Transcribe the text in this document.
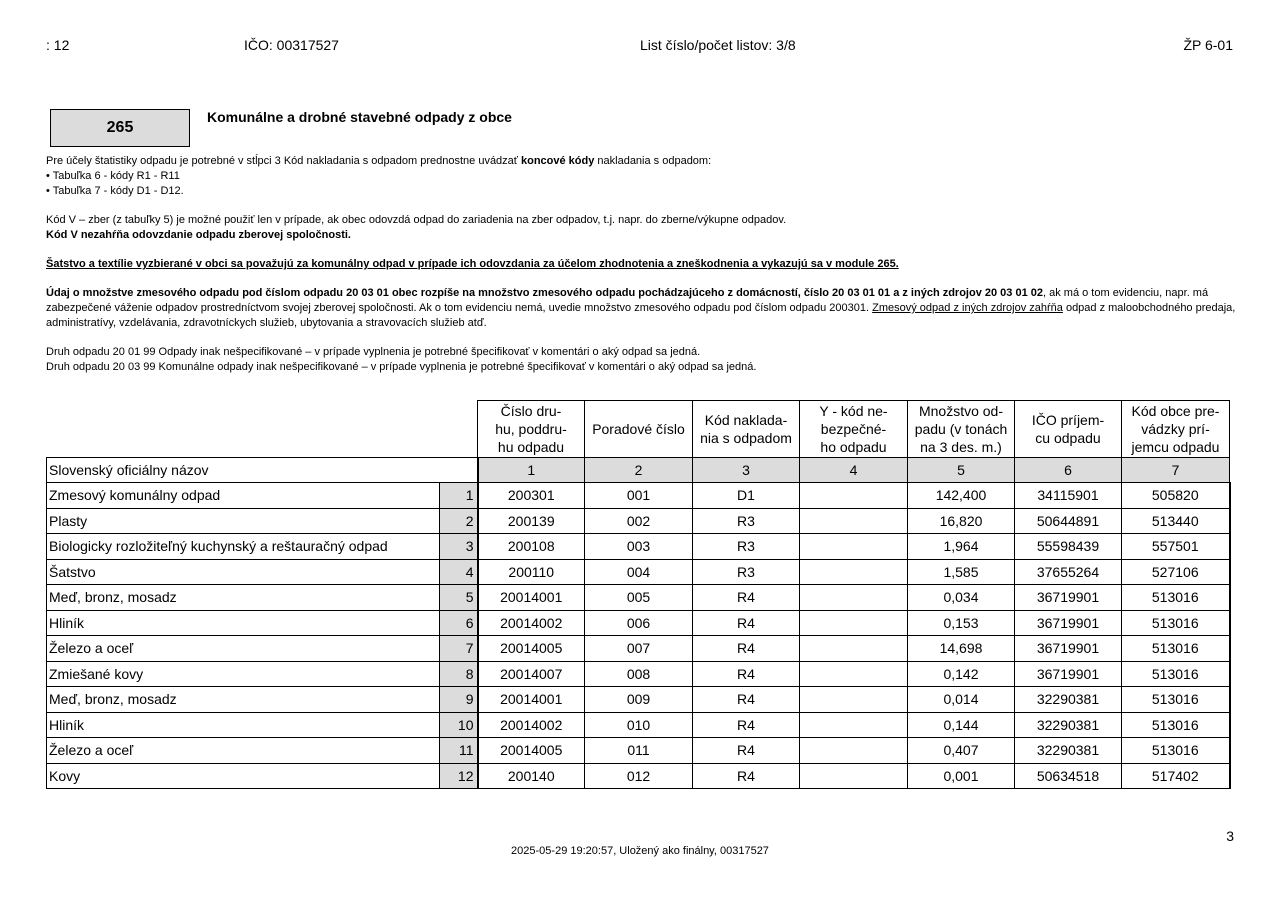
: 12	IČO: 00317527	List číslo/počet listov: 3/8	ŽP 6-01
265
Komunálne a drobné stavebné odpady z obce
Pre účely štatistiky odpadu je potrebné v stĺpci 3 Kód nakladania s odpadom prednostne uvádzať koncové kódy nakladania s odpadom:
• Tabuľka 6 - kódy R1 - R11
• Tabuľka 7 - kódy D1 - D12.
Kód V – zber (z tabuľky 5) je možné použiť len v prípade, ak obec odovzdá odpad do zariadenia na zber odpadov, t.j. napr. do zberne/výkupne odpadov.
Kód V nezahŕňa odovzdanie odpadu zberovej spoločnosti.
Šatstvo a textílie vyzbierané v obci sa považujú za komunálny odpad v prípade ich odovzdania za účelom zhodnotenia a zneškodnenia a vykazujú sa v module 265.
Údaj o množstve zmesového odpadu pod číslom odpadu 20 03 01 obec rozpíše na množstvo zmesového odpadu pochádzajúceho z domácností, číslo 20 03 01 01 a z iných zdrojov 20 03 01 02, ak má o tom evidenciu, napr. má zabezpečené váženie odpadov prostredníctvom svojej zberovej spoločnosti. Ak o tom evidenciu nemá, uvedie množstvo zmesového odpadu pod číslom odpadu 200301. Zmesový odpad z iných zdrojov zahŕňa odpad z maloobchodného predaja, administratívy, vzdelávania, zdravotníckych služieb, ubytovania a stravovacích služieb atď.
Druh odpadu 20 01 99 Odpady inak nešpecifikované – v prípade vyplnenia je potrebné špecifikovať v komentári o aký odpad sa jedná.
Druh odpadu 20 03 99 Komunálne odpady inak nešpecifikované – v prípade vyplnenia je potrebné špecifikovať v komentári o aký odpad sa jedná.
		Číslo dru-
hu, poddru-
hu odpadu	Poradové číslo	Kód naklada-
nia s odpadom	Y - kód ne-
bezpečné-
ho odpadu	Množstvo od-
padu (v tonách
na 3 des. m.)	IČO príjem-
cu odpadu	Kód obce pre-
vádzky prí-
jemcu odpadu
Slovenský oficiálny názov		1	2	3	4	5	6	7
Zmesový komunálny odpad	1	200301	001	D1		142,400	34115901	505820
Plasty	2	200139	002	R3		16,820	50644891	513440
Biologicky rozložiteľný kuchynský a reštauračný odpad	3	200108	003	R3		1,964	55598439	557501
Šatstvo	4	200110	004	R3		1,585	37655264	527106
Meď, bronz, mosadz	5	20014001	005	R4		0,034	36719901	513016
Hliník	6	20014002	006	R4		0,153	36719901	513016
Železo a oceľ	7	20014005	007	R4		14,698	36719901	513016
Zmiešané kovy	8	20014007	008	R4		0,142	36719901	513016
Meď, bronz, mosadz	9	20014001	009	R4		0,014	32290381	513016
Hliník	10	20014002	010	R4		0,144	32290381	513016
Železo a oceľ	11	20014005	011	R4		0,407	32290381	513016
Kovy	12	200140	012	R4		0,001	50634518	517402
3
2025-05-29 19:20:57, Uložený ako finálny, 00317527
